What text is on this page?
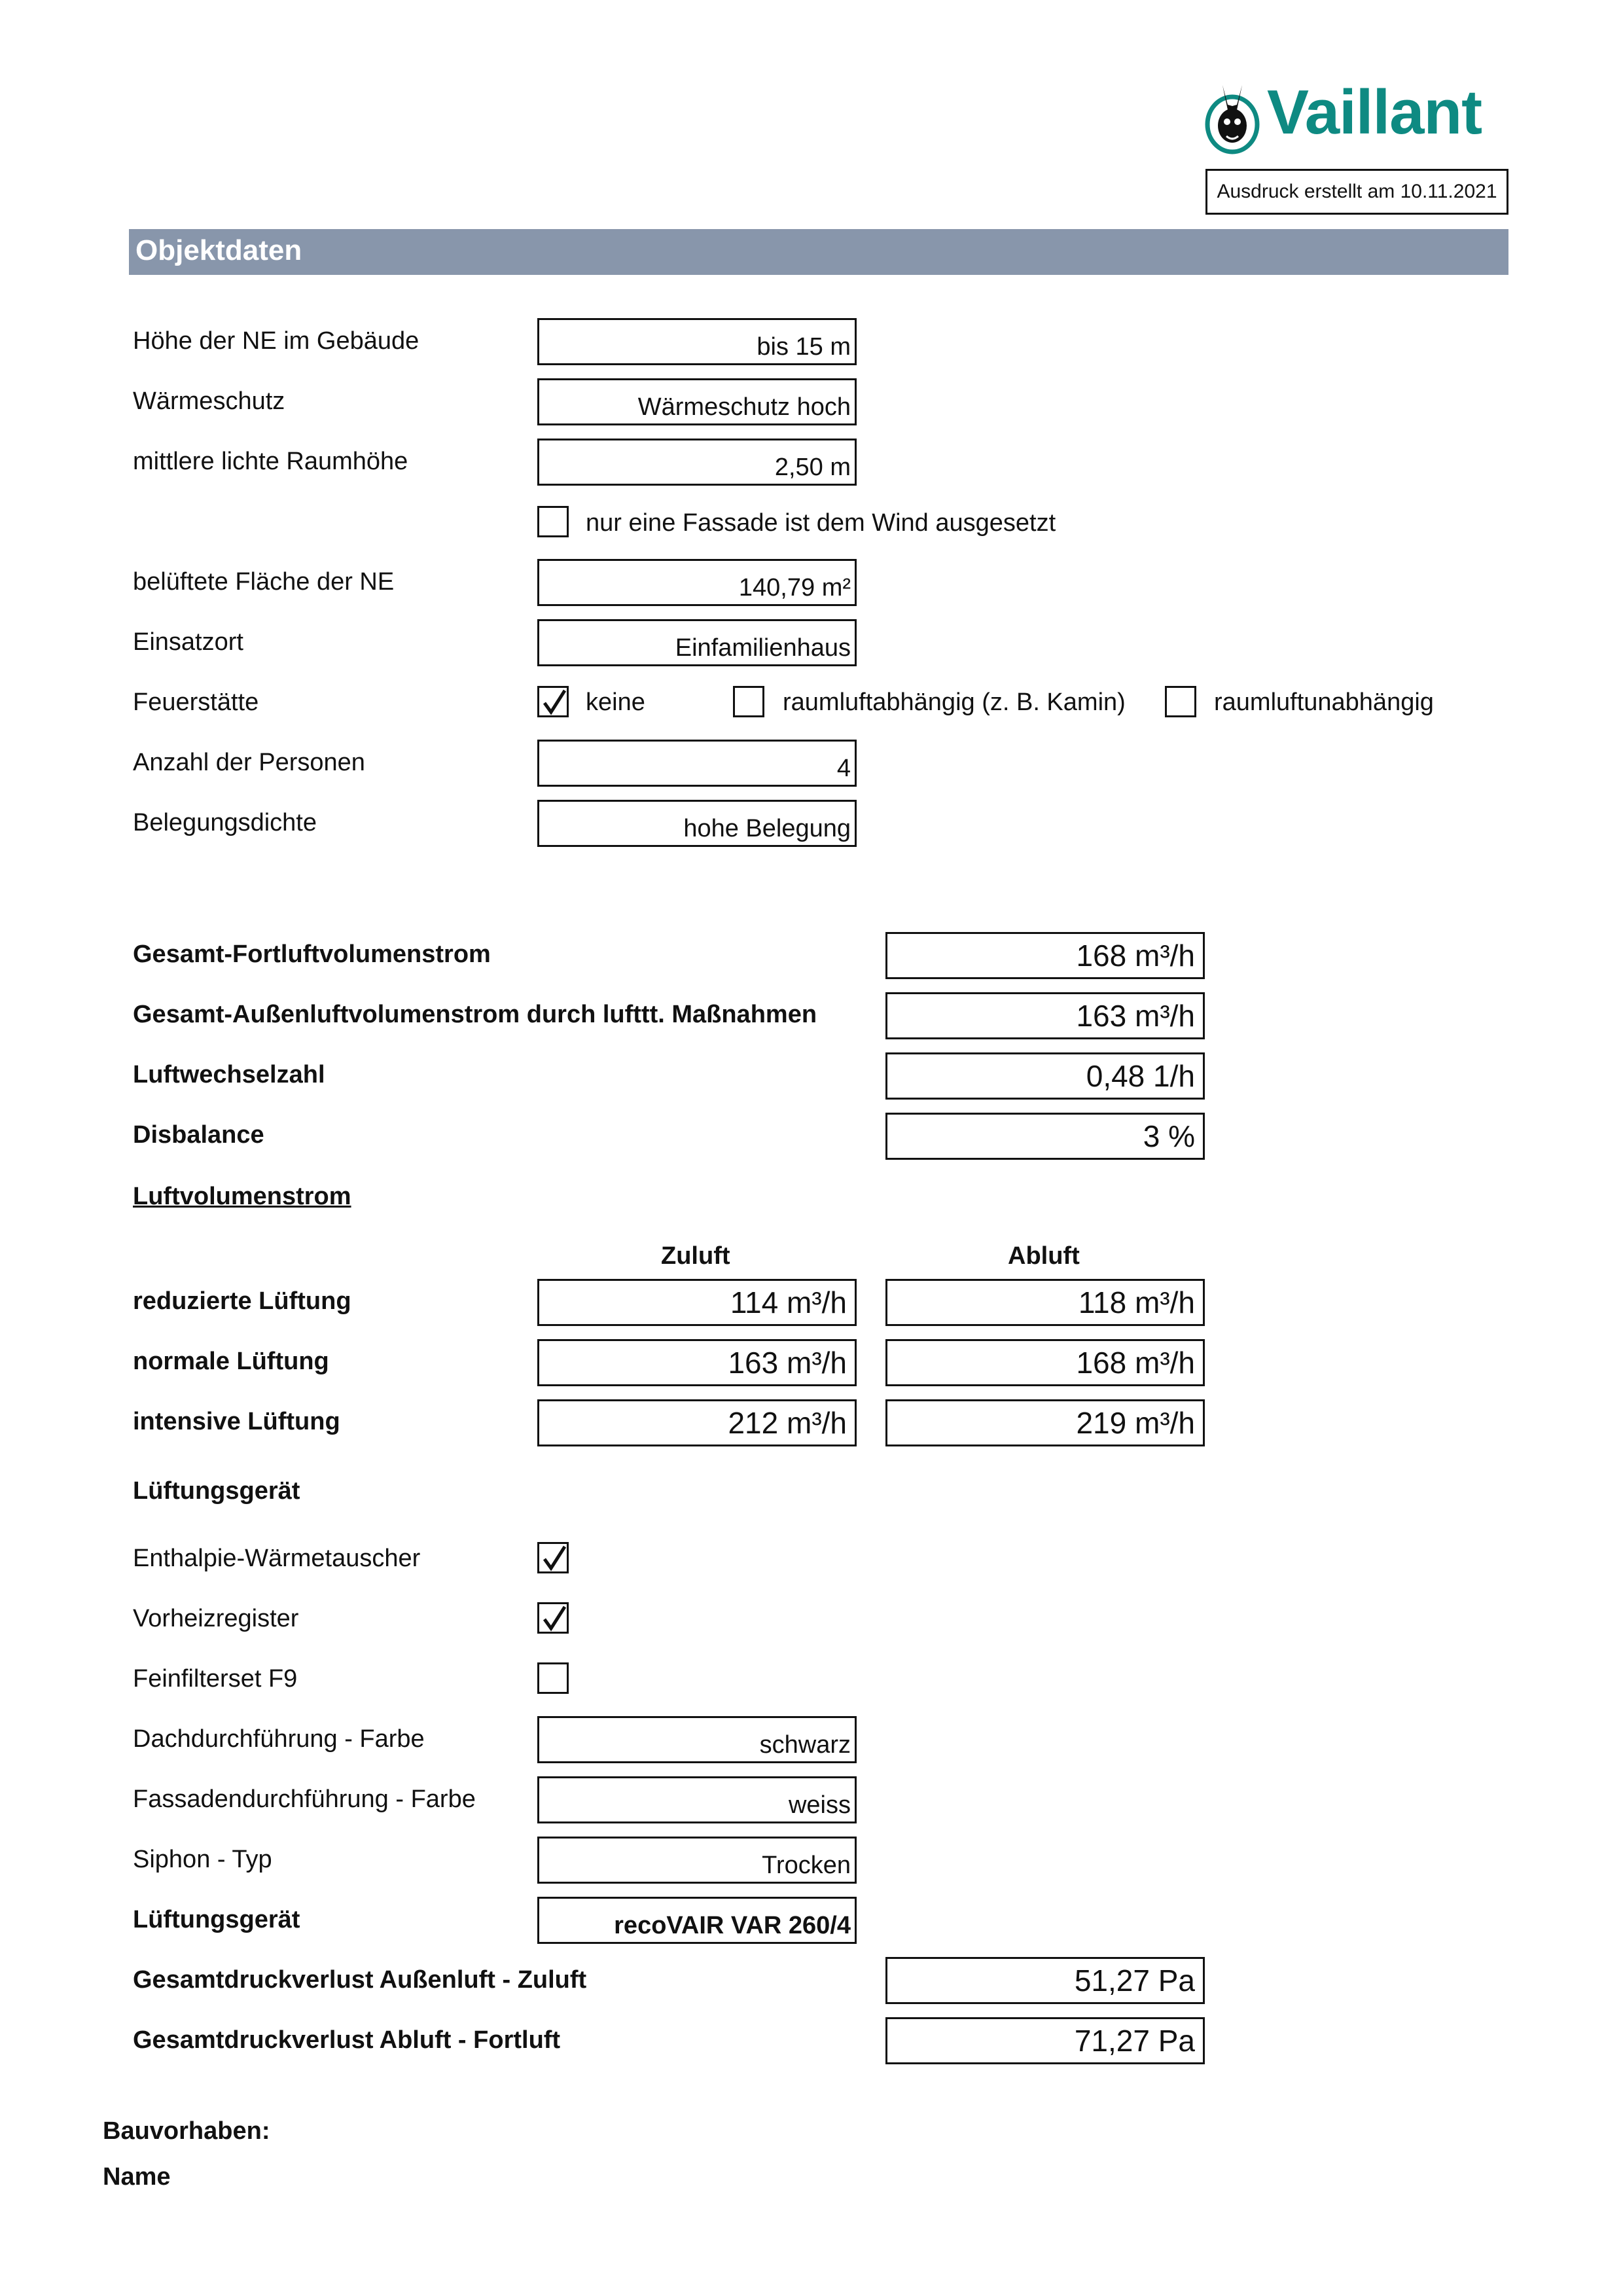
Vaillant
Ausdruck erstellt am 10.11.2021
Objektdaten
Höhe der NE im Gebäude	bis 15 m
Wärmeschutz	Wärmeschutz hoch
mittlere lichte Raumhöhe	2,50 m
nur eine Fassade ist dem Wind ausgesetzt
belüftete Fläche der NE	140,79 m²
Einsatzort	Einfamilienhaus
Feuerstätte	keine	raumluftabhängig (z. B. Kamin)	raumluftunabhängig
Anzahl der Personen	4
Belegungsdichte	hohe Belegung
Gesamt-Fortluftvolumenstrom	168 m³/h
Gesamt-Außenluftvolumenstrom durch lufttt. Maßnahmen	163 m³/h
Luftwechselzahl	0,48 1/h
Disbalance	3 %
Luftvolumenstrom
Zuluft	Abluft
reduzierte Lüftung	114 m³/h	118 m³/h
normale Lüftung	163 m³/h	168 m³/h
intensive Lüftung	212 m³/h	219 m³/h
Lüftungsgerät
Enthalpie-Wärmetauscher
Vorheizregister
Feinfilterset F9
Dachdurchführung - Farbe	schwarz
Fassadendurchführung - Farbe	weiss
Siphon - Typ	Trocken
Lüftungsgerät	recoVAIR VAR 260/4
Gesamtdruckverlust Außenluft - Zuluft	51,27 Pa
Gesamtdruckverlust Abluft - Fortluft	71,27 Pa
Bauvorhaben:
Name
